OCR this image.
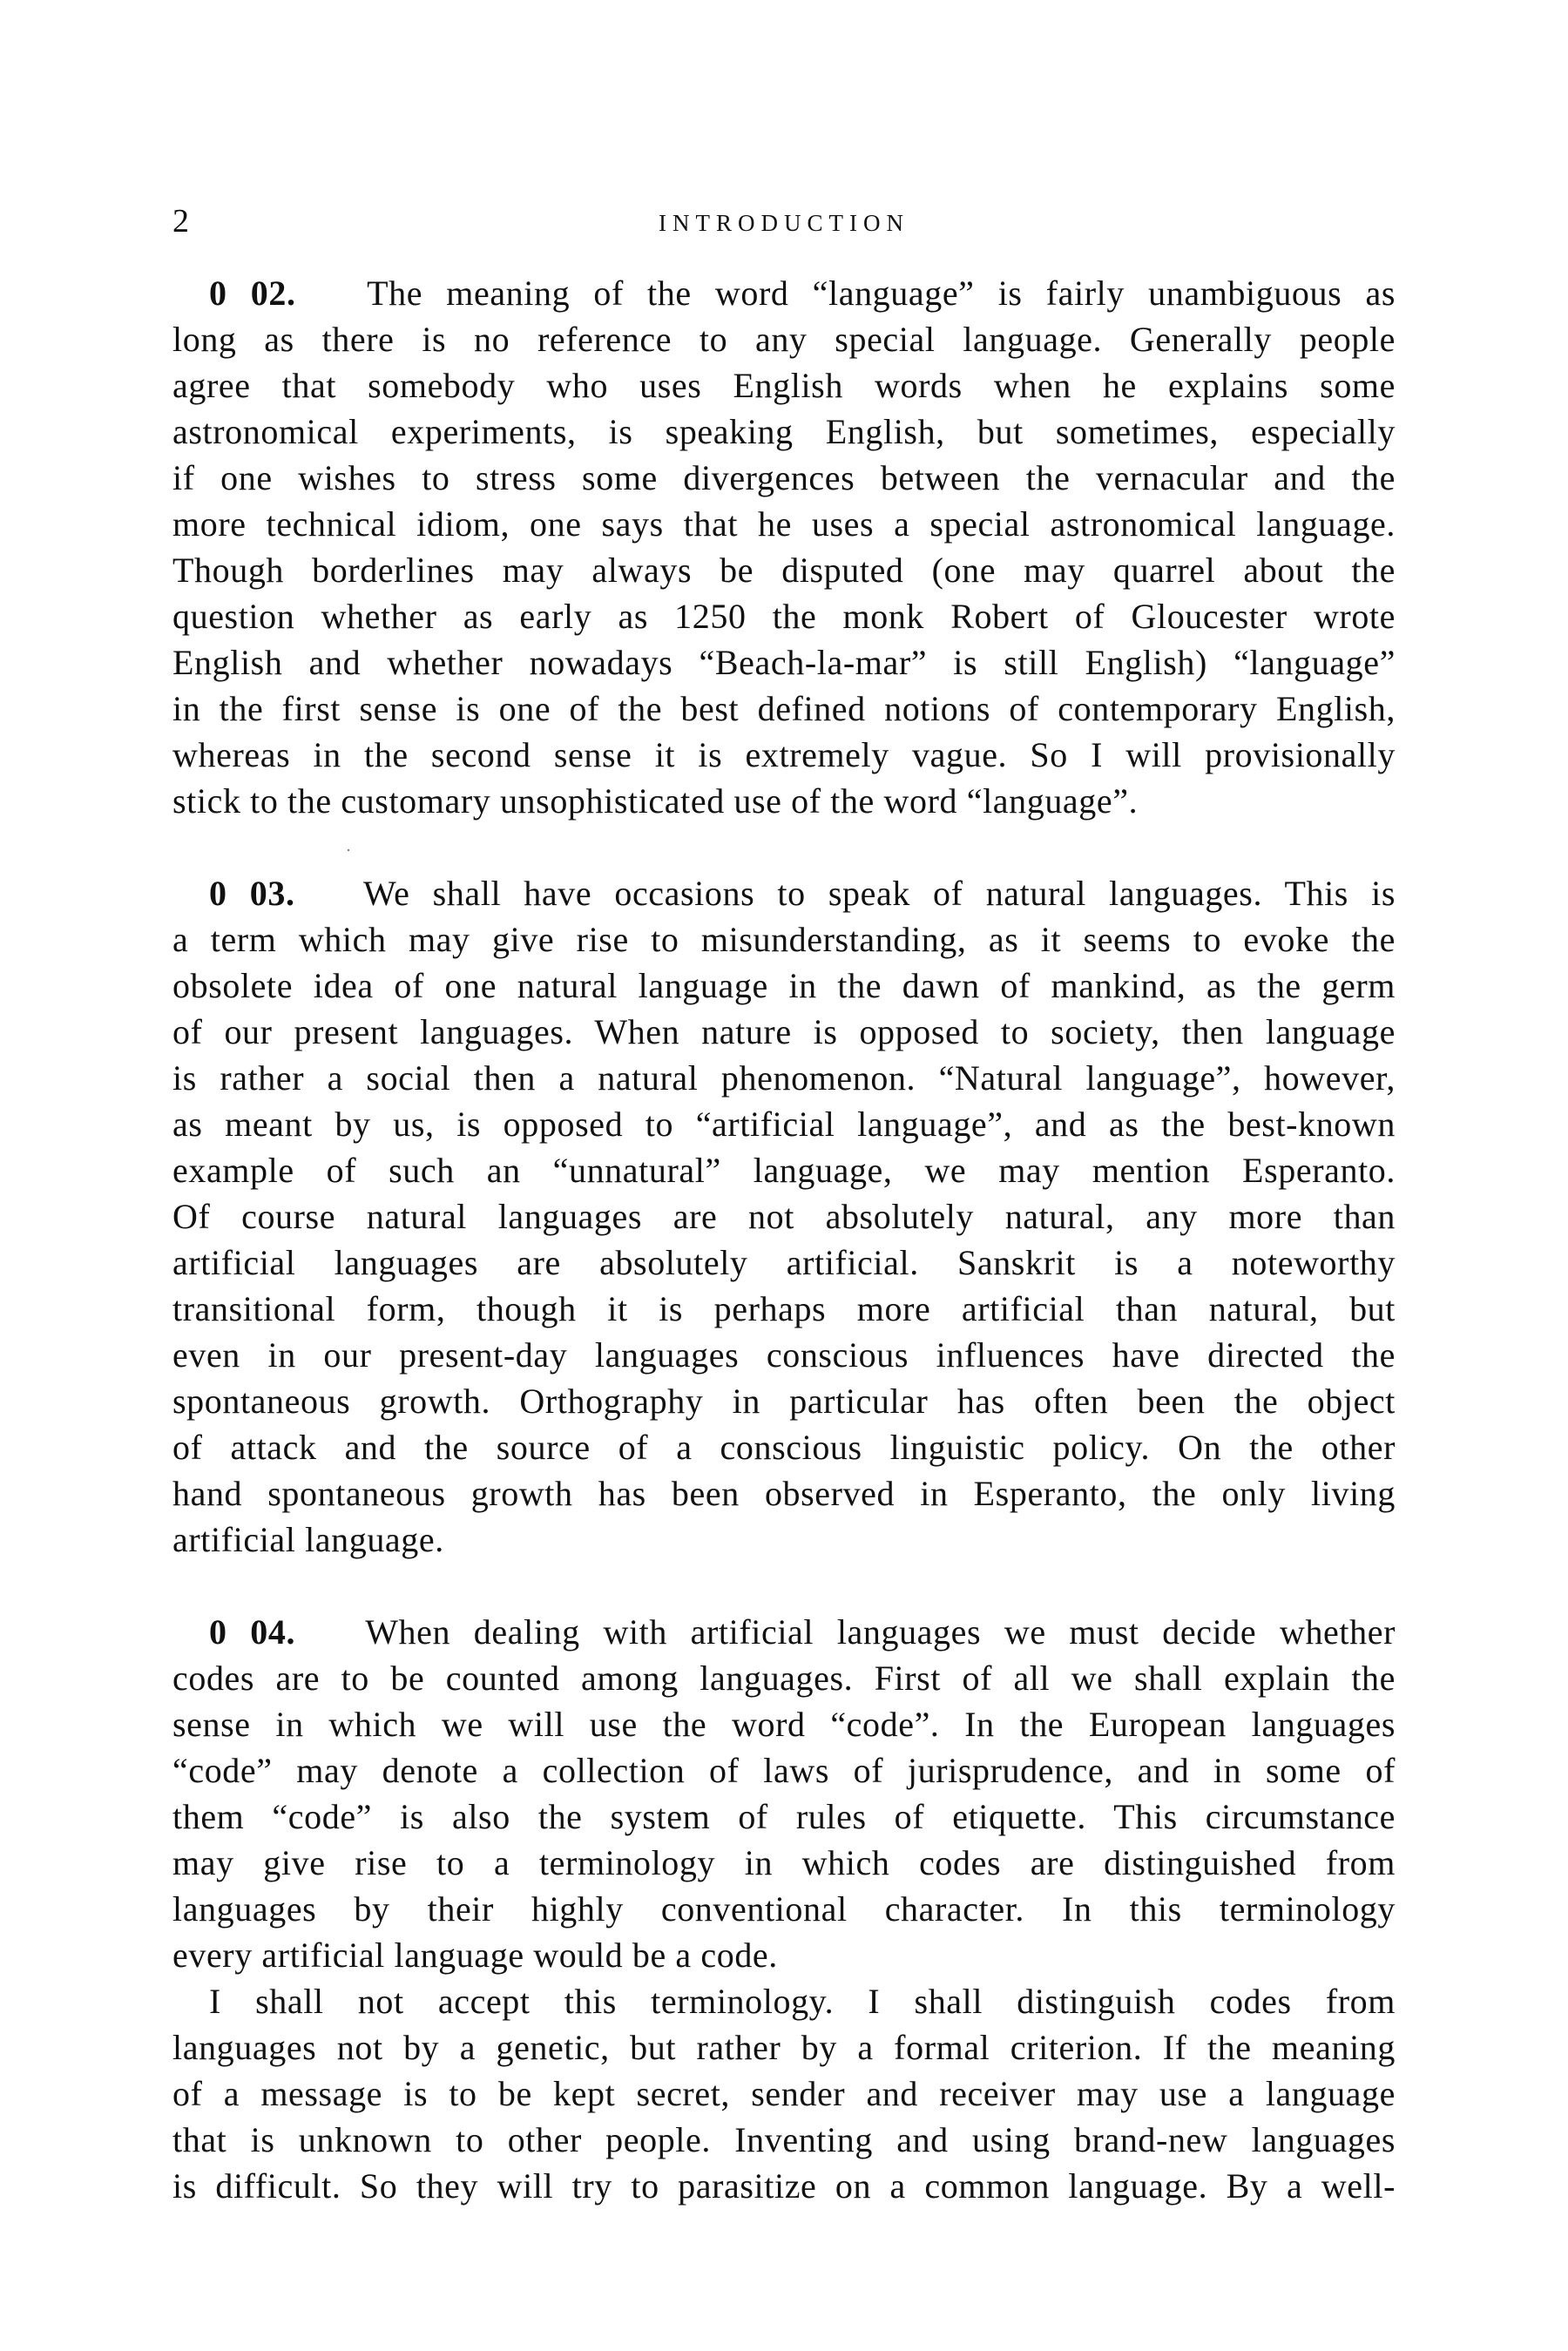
2	INTRODUCTION
0 02. The meaning of the word “language” is fairly unambiguous as
long as there is no reference to any special language. Generally people
agree that somebody who uses English words when he explains some
astronomical experiments, is speaking English, but sometimes, especially
if one wishes to stress some divergences between the vernacular and the
more technical idiom, one says that he uses a special astronomical language.
Though borderlines may always be disputed (one may quarrel about the
question whether as early as 1250 the monk Robert of Gloucester wrote
English and whether nowadays “Beach-la-mar” is still English) “language”
in the first sense is one of the best defined notions of contemporary English,
whereas in the second sense it is extremely vague. So I will provisionally
stick to the customary unsophisticated use of the word “language”.
0 03. We shall have occasions to speak of natural languages. This is
a term which may give rise to misunderstanding, as it seems to evoke the
obsolete idea of one natural language in the dawn of mankind, as the germ
of our present languages. When nature is opposed to society, then language
is rather a social then a natural phenomenon. “Natural language”, however,
as meant by us, is opposed to “artificial language”, and as the best-known
example of such an “unnatural” language, we may mention Esperanto.
Of course natural languages are not absolutely natural, any more than
artificial languages are absolutely artificial. Sanskrit is a noteworthy
transitional form, though it is perhaps more artificial than natural, but
even in our present-day languages conscious influences have directed the
spontaneous growth. Orthography in particular has often been the object
of attack and the source of a conscious linguistic policy. On the other
hand spontaneous growth has been observed in Esperanto, the only living
artificial language.
0 04. When dealing with artificial languages we must decide whether
codes are to be counted among languages. First of all we shall explain the
sense in which we will use the word “code”. In the European languages
“code” may denote a collection of laws of jurisprudence, and in some of
them “code” is also the system of rules of etiquette. This circumstance
may give rise to a terminology in which codes are distinguished from
languages by their highly conventional character. In this terminology
every artificial language would be a code.
I shall not accept this terminology. I shall distinguish codes from
languages not by a genetic, but rather by a formal criterion. If the meaning
of a message is to be kept secret, sender and receiver may use a language
that is unknown to other people. Inventing and using brand-new languages
is difficult. So they will try to parasitize on a common language. By a well-
